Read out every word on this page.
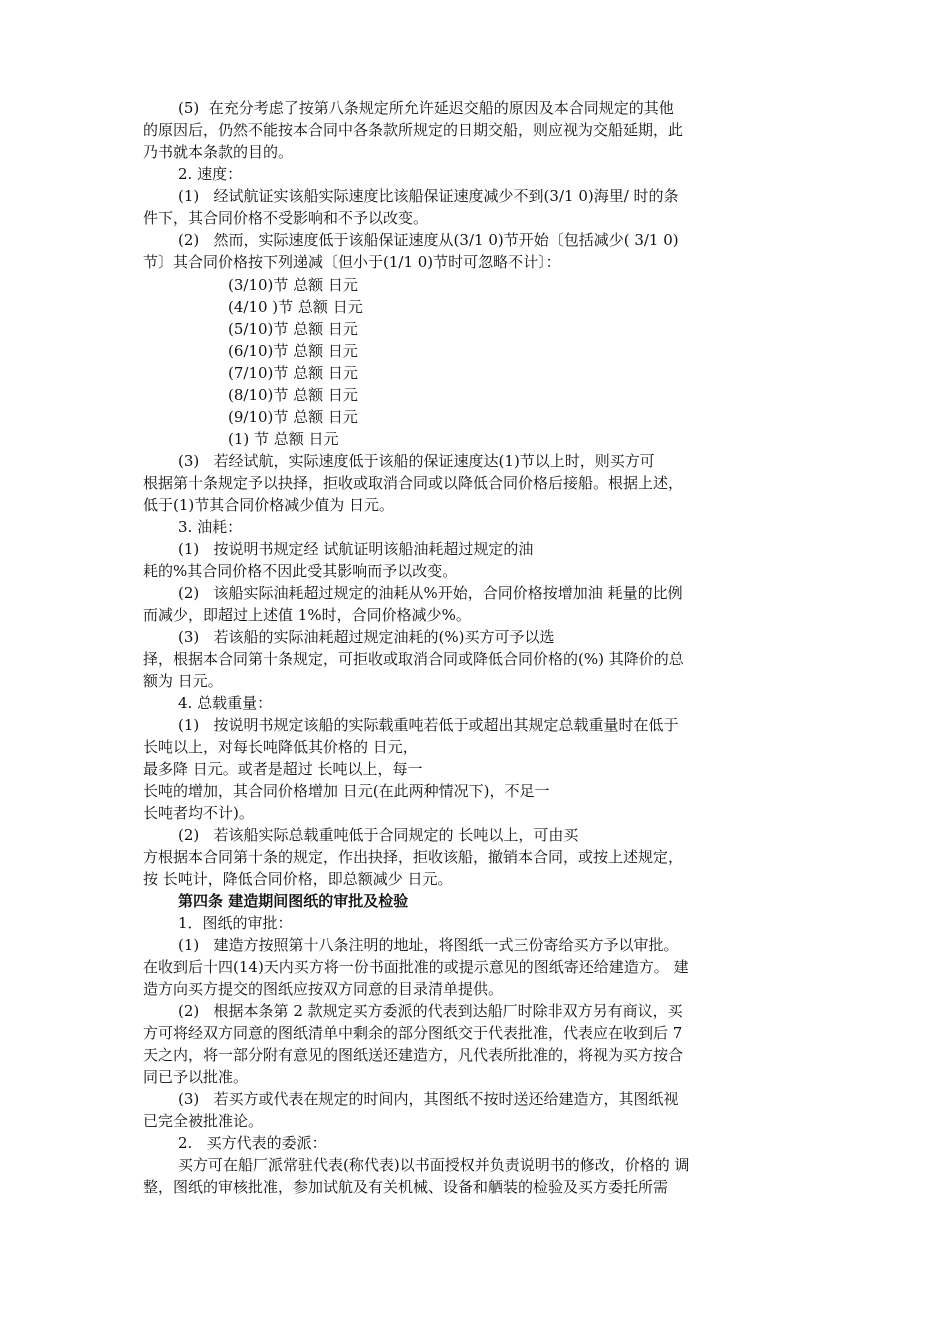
(5)  在充分考虑了按第八条规定所允许延迟交船的原因及本合同规定的其他
的原因后，仍然不能按本合同中各条款所规定的日期交船，则应视为交船延期，此
乃书就本条款的目的。
2. 速度：
(1)   经试航证实该船实际速度比该船保证速度减少不到(3/1 0)海里/ 时的条
件下，其合同价格不受影响和不予以改变。
(2)   然而，实际速度低于该船保证速度从(3/1 0)节开始〔包括减少( 3/1 0)
节〕其合同价格按下列递减〔但小于(1/1 0)节时可忽略不计〕：
(3/10)节 总额 日元
(4/10 )节 总额 日元
(5/10)节 总额 日元
(6/10)节 总额 日元
(7/10)节 总额 日元
(8/10)节 总额 日元
(9/10)节 总额 日元
(1) 节 总额 日元
(3)   若经试航，实际速度低于该船的保证速度达(1)节以上时，则买方可
根据第十条规定予以抉择，拒收或取消合同或以降低合同价格后接船。根据上述，
低于(1)节其合同价格减少值为 日元。
3. 油耗：
(1)   按说明书规定经 试航证明该船油耗超过规定的油
耗的%其合同价格不因此受其影响而予以改变。
(2)   该船实际油耗超过规定的油耗从%开始，合同价格按增加油 耗量的比例
而减少，即超过上述值 1%时，合同价格减少%。
(3)   若该船的实际油耗超过规定油耗的(%)买方可予以选
择，根据本合同第十条规定，可拒收或取消合同或降低合同价格的(%) 其降价的总
额为 日元。
4. 总载重量：
(1)   按说明书规定该船的实际载重吨若低于或超出其规定总载重量时在低于
长吨以上，对每长吨降低其价格的 日元，
最多降 日元。或者是超过 长吨以上，每一
长吨的增加，其合同价格增加 日元(在此两种情况下)，不足一
长吨者均不计)。
(2)   若该船实际总载重吨低于合同规定的 长吨以上，可由买
方根据本合同第十条的规定，作出抉择，拒收该船，撤销本合同，或按上述规定，
按 长吨计，降低合同价格，即总额减少 日元。
第四条 建造期间图纸的审批及检验
1．图纸的审批：
(1)   建造方按照第十八条注明的地址，将图纸一式三份寄给买方予以审批。
在收到后十四(14)天内买方将一份书面批准的或提示意见的图纸寄还给建造方。 建
造方向买方提交的图纸应按双方同意的目录清单提供。
(2)   根据本条第 2 款规定买方委派的代表到达船厂时除非双方另有商议，买
方可将经双方同意的图纸清单中剩余的部分图纸交于代表批准，代表应在收到后 7
天之内，将一部分附有意见的图纸送还建造方，凡代表所批准的，将视为买方按合
同已予以批准。
(3)   若买方或代表在规定的时间内，其图纸不按时送还给建造方，其图纸视
已完全被批准论。
2.   买方代表的委派：
买方可在船厂派常驻代表(称代表)以书面授权并负责说明书的修改，价格的 调
整，图纸的审核批准，参加试航及有关机械、设备和舾装的检验及买方委托所需
